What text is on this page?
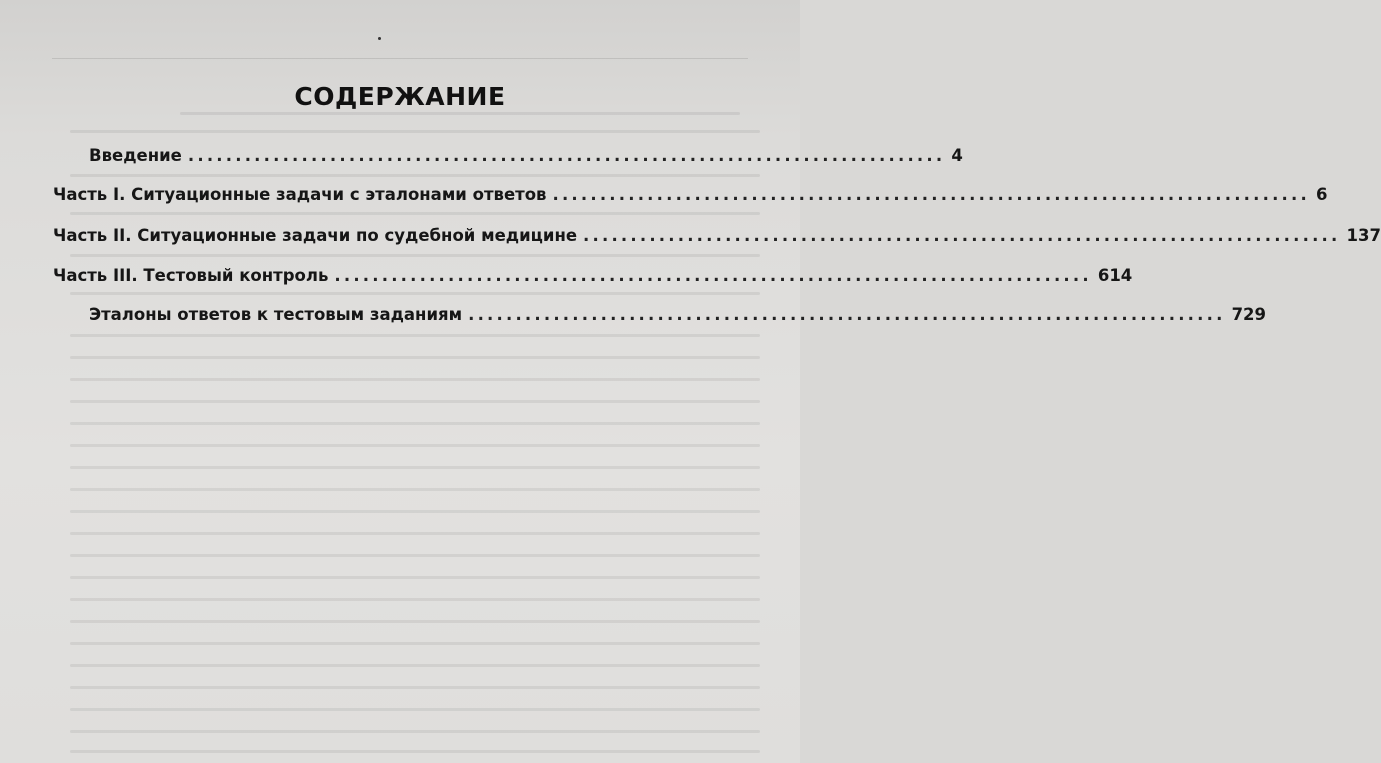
СОДЕРЖАНИЕ
Введение ................................................................................ 4
Часть I. Ситуационные задачи с эталонами ответов ................................................................................ 6
Часть II. Ситуационные задачи по судебной медицине ................................................................................ 137
Часть III. Тестовый контроль ................................................................................ 614
Эталоны ответов к тестовым заданиям ................................................................................ 729
